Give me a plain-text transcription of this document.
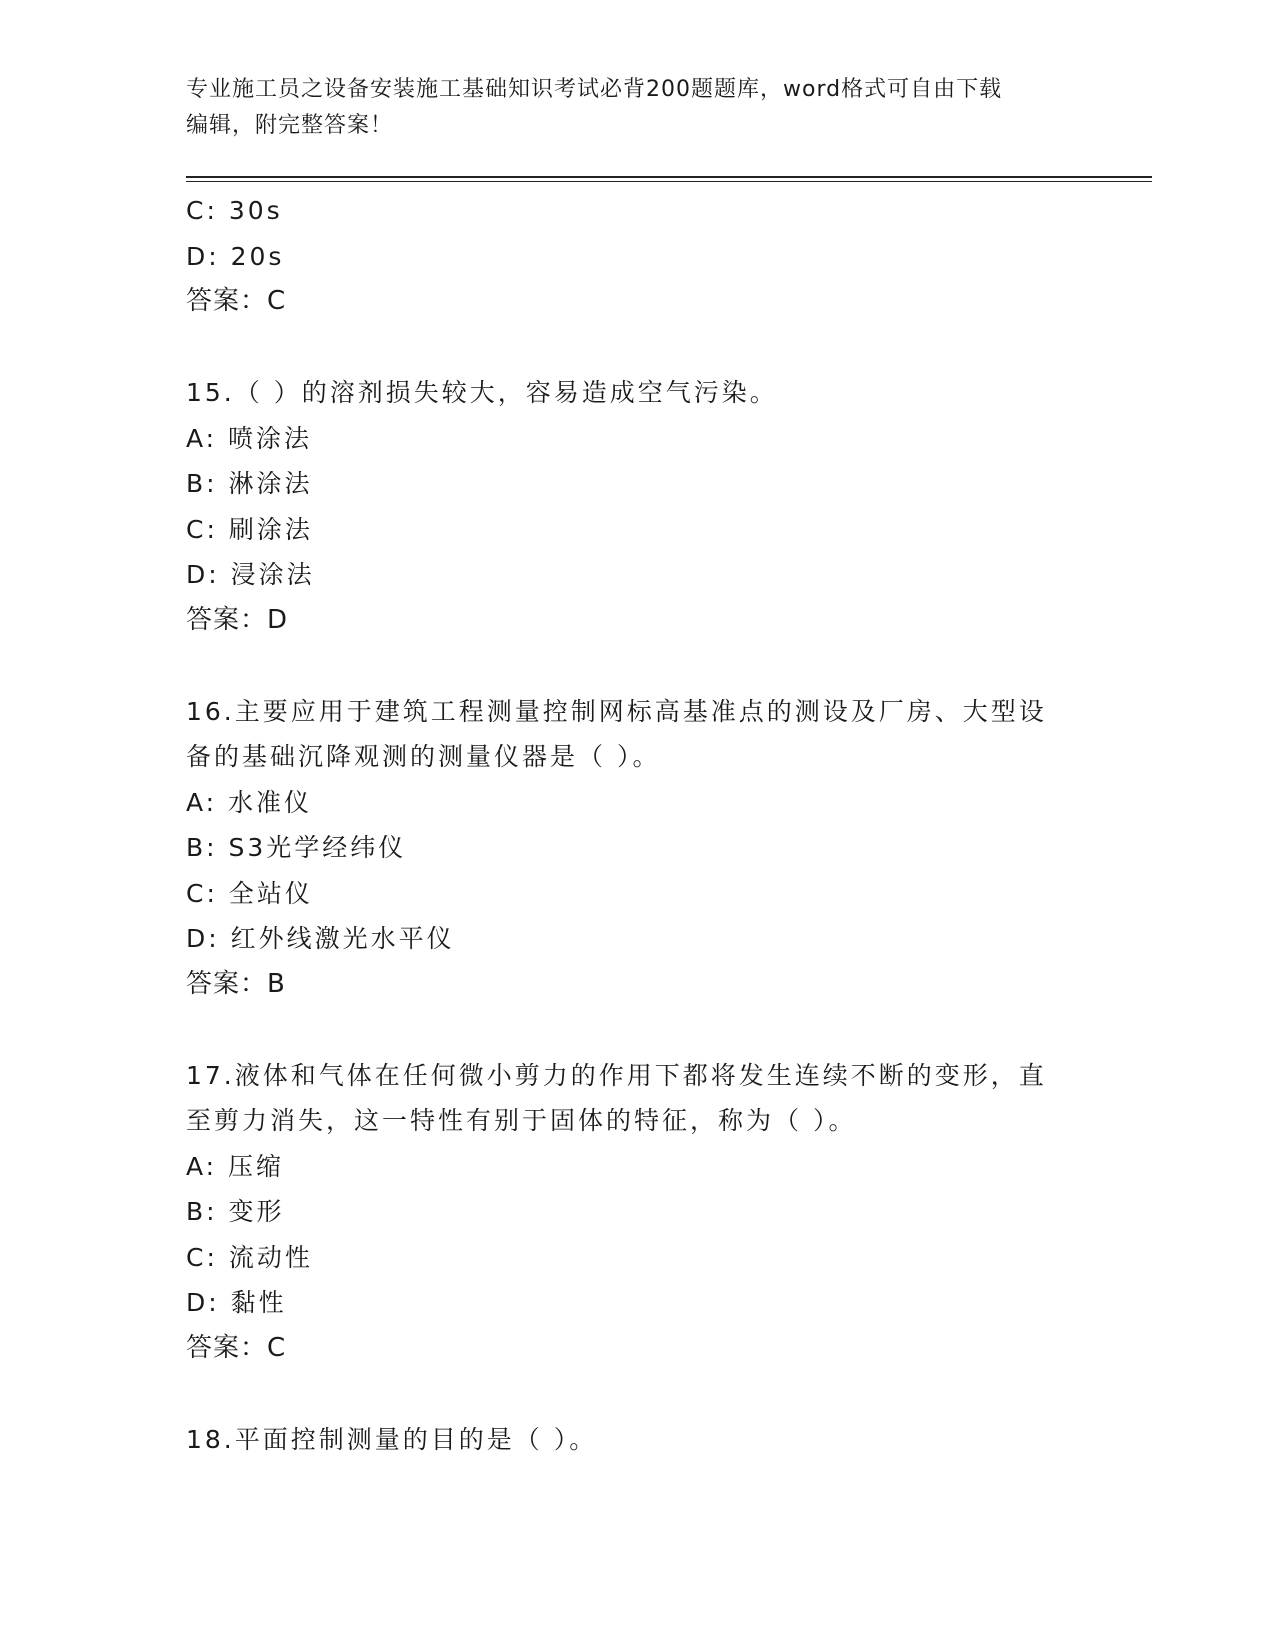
专业施工员之设备安装施工基础知识考试必背200题题库，word格式可自由下载
编辑，附完整答案！
C: 30s
D: 20s
答案：C
15.（ ）的溶剂损失较大，容易造成空气污染。
A: 喷涂法
B: 淋涂法
C: 刷涂法
D: 浸涂法
答案：D
16.主要应用于建筑工程测量控制网标高基准点的测设及厂房、大型设
备的基础沉降观测的测量仪器是（ ）。
A: 水准仪
B: S3光学经纬仪
C: 全站仪
D: 红外线激光水平仪
答案：B
17.液体和气体在任何微小剪力的作用下都将发生连续不断的变形，直
至剪力消失，这一特性有别于固体的特征，称为（ ）。
A: 压缩
B: 变形
C: 流动性
D: 黏性
答案：C
18.平面控制测量的目的是（ ）。
